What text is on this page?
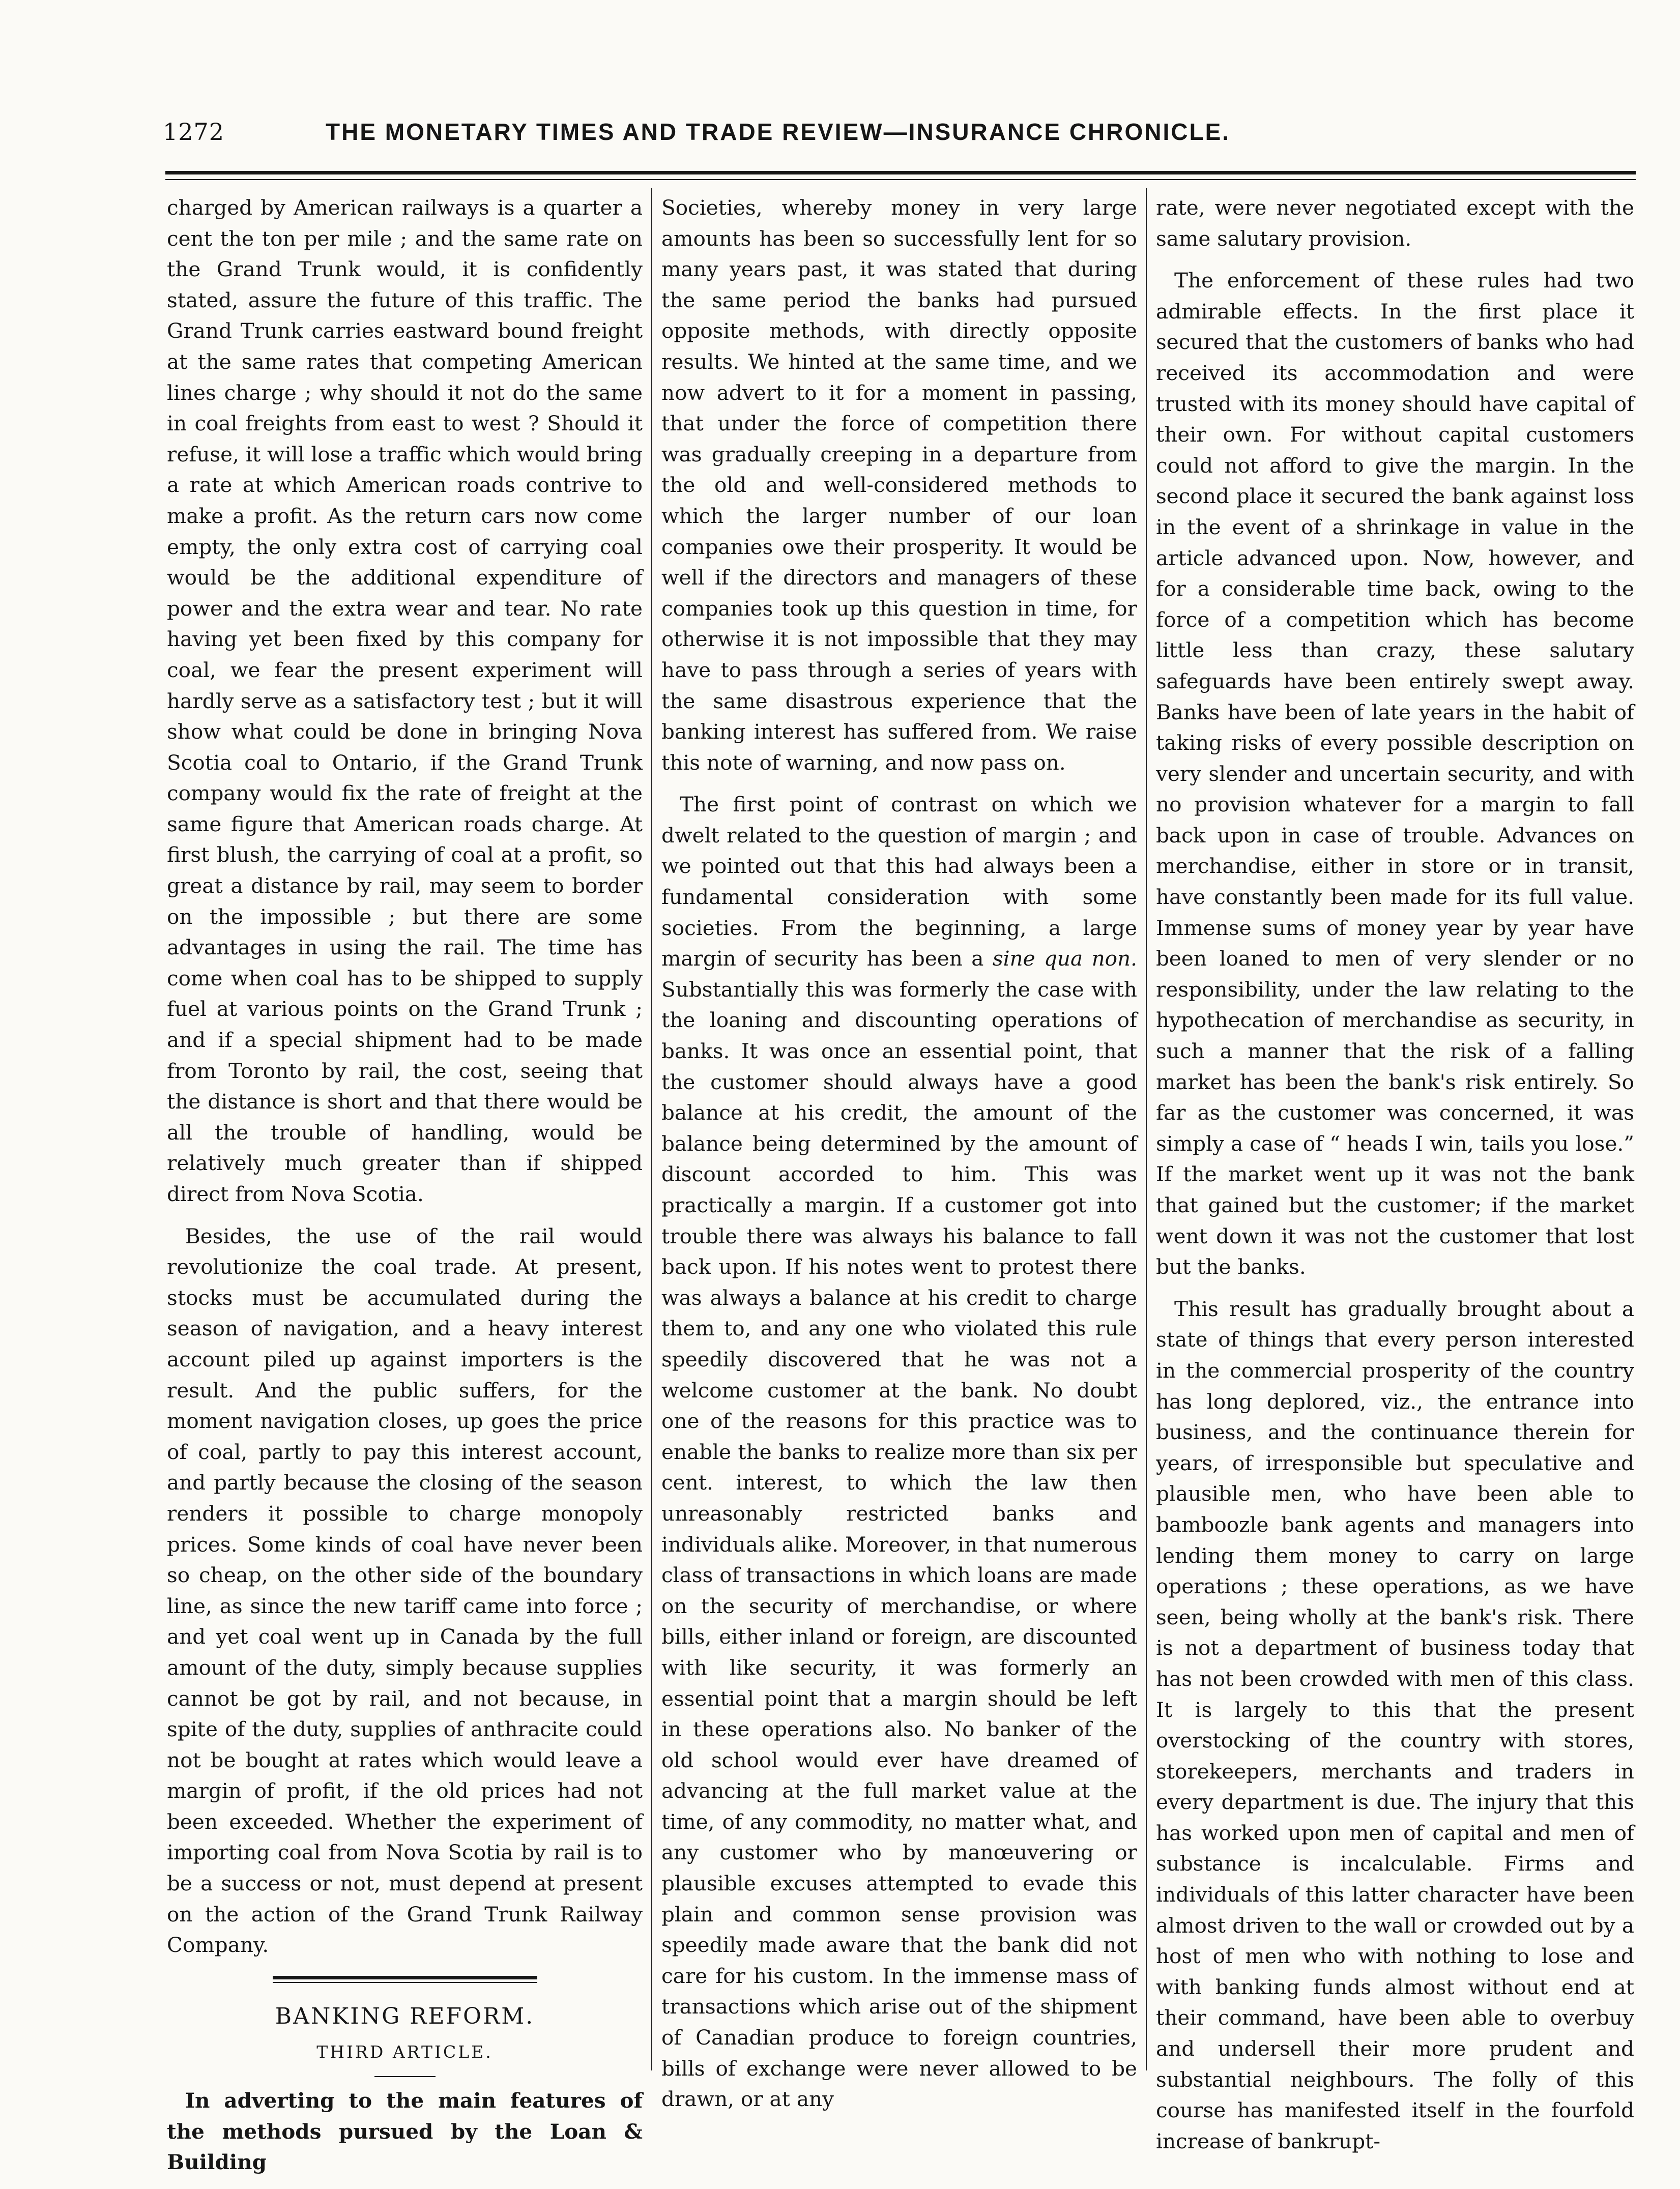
1272	THE MONETARY TIMES AND TRADE REVIEW—INSURANCE CHRONICLE.

charged by American railways is a quarter a cent the ton per mile ; and the same rate on the Grand Trunk would, it is confidently stated, assure the future of this traffic. The Grand Trunk carries eastward bound freight at the same rates that competing American lines charge ; why should it not do the same in coal freights from east to west ? Should it refuse, it will lose a traffic which would bring a rate at which American roads contrive to make a profit. As the return cars now come empty, the only extra cost of carrying coal would be the additional expenditure of power and the extra wear and tear. No rate having yet been fixed by this company for coal, we fear the present experiment will hardly serve as a satisfactory test ; but it will show what could be done in bringing Nova Scotia coal to Ontario, if the Grand Trunk company would fix the rate of freight at the same figure that American roads charge. At first blush, the carrying of coal at a profit, so great a distance by rail, may seem to border on the impossible ; but there are some advantages in using the rail. The time has come when coal has to be shipped to supply fuel at various points on the Grand Trunk ; and if a special shipment had to be made from Toronto by rail, the cost, seeing that the distance is short and that there would be all the trouble of handling, would be relatively much greater than if shipped direct from Nova Scotia.

Besides, the use of the rail would revolutionize the coal trade. At present, stocks must be accumulated during the season of navigation, and a heavy interest account piled up against importers is the result. And the public suffers, for the moment navigation closes, up goes the price of coal, partly to pay this interest account, and partly because the closing of the season renders it possible to charge monopoly prices. Some kinds of coal have never been so cheap, on the other side of the boundary line, as since the new tariff came into force ; and yet coal went up in Canada by the full amount of the duty, simply because supplies cannot be got by rail, and not because, in spite of the duty, supplies of anthracite could not be bought at rates which would leave a margin of profit, if the old prices had not been exceeded. Whether the experiment of importing coal from Nova Scotia by rail is to be a success or not, must depend at present on the action of the Grand Trunk Railway Company.

BANKING REFORM.
THIRD ARTICLE.

In adverting to the main features of the methods pursued by the Loan & Building

Societies, whereby money in very large amounts has been so successfully lent for so many years past, it was stated that during the same period the banks had pursued opposite methods, with directly opposite results. We hinted at the same time, and we now advert to it for a moment in passing, that under the force of competition there was gradually creeping in a departure from the old and well-considered methods to which the larger number of our loan companies owe their prosperity. It would be well if the directors and managers of these companies took up this question in time, for otherwise it is not impossible that they may have to pass through a series of years with the same disastrous experience that the banking interest has suffered from. We raise this note of warning, and now pass on.

The first point of contrast on which we dwelt related to the question of margin ; and we pointed out that this had always been a fundamental consideration with some societies. From the beginning, a large margin of security has been a sine qua non. Substantially this was formerly the case with the loaning and discounting operations of banks. It was once an essential point, that the customer should always have a good balance at his credit, the amount of the balance being determined by the amount of discount accorded to him. This was practically a margin. If a customer got into trouble there was always his balance to fall back upon. If his notes went to protest there was always a balance at his credit to charge them to, and any one who violated this rule speedily discovered that he was not a welcome customer at the bank. No doubt one of the reasons for this practice was to enable the banks to realize more than six per cent. interest, to which the law then unreasonably restricted banks and individuals alike. Moreover, in that numerous class of transactions in which loans are made on the security of merchandise, or where bills, either inland or foreign, are discounted with like security, it was formerly an essential point that a margin should be left in these operations also. No banker of the old school would ever have dreamed of advancing at the full market value at the time, of any commodity, no matter what, and any customer who by manœuvering or plausible excuses attempted to evade this plain and common sense provision was speedily made aware that the bank did not care for his custom. In the immense mass of transactions which arise out of the shipment of Canadian produce to foreign countries, bills of exchange were never allowed to be drawn, or at any

rate, were never negotiated except with the same salutary provision.

The enforcement of these rules had two admirable effects. In the first place it secured that the customers of banks who had received its accommodation and were trusted with its money should have capital of their own. For without capital customers could not afford to give the margin. In the second place it secured the bank against loss in the event of a shrinkage in value in the article advanced upon. Now, however, and for a considerable time back, owing to the force of a competition which has become little less than crazy, these salutary safeguards have been entirely swept away. Banks have been of late years in the habit of taking risks of every possible description on very slender and uncertain security, and with no provision whatever for a margin to fall back upon in case of trouble. Advances on merchandise, either in store or in transit, have constantly been made for its full value. Immense sums of money year by year have been loaned to men of very slender or no responsibility, under the law relating to the hypothecation of merchandise as security, in such a manner that the risk of a falling market has been the bank's risk entirely. So far as the customer was concerned, it was simply a case of “ heads I win, tails you lose.” If the market went up it was not the bank that gained but the customer; if the market went down it was not the customer that lost but the banks.

This result has gradually brought about a state of things that every person interested in the commercial prosperity of the country has long deplored, viz., the entrance into business, and the continuance therein for years, of irresponsible but speculative and plausible men, who have been able to bamboozle bank agents and managers into lending them money to carry on large operations ; these operations, as we have seen, being wholly at the bank's risk. There is not a department of business today that has not been crowded with men of this class. It is largely to this that the present overstocking of the country with stores, storekeepers, merchants and traders in every department is due. The injury that this has worked upon men of capital and men of substance is incalculable. Firms and individuals of this latter character have been almost driven to the wall or crowded out by a host of men who with nothing to lose and with banking funds almost without end at their command, have been able to overbuy and undersell their more prudent and substantial neighbours. The folly of this course has manifested itself in the fourfold increase of bankrupt-
